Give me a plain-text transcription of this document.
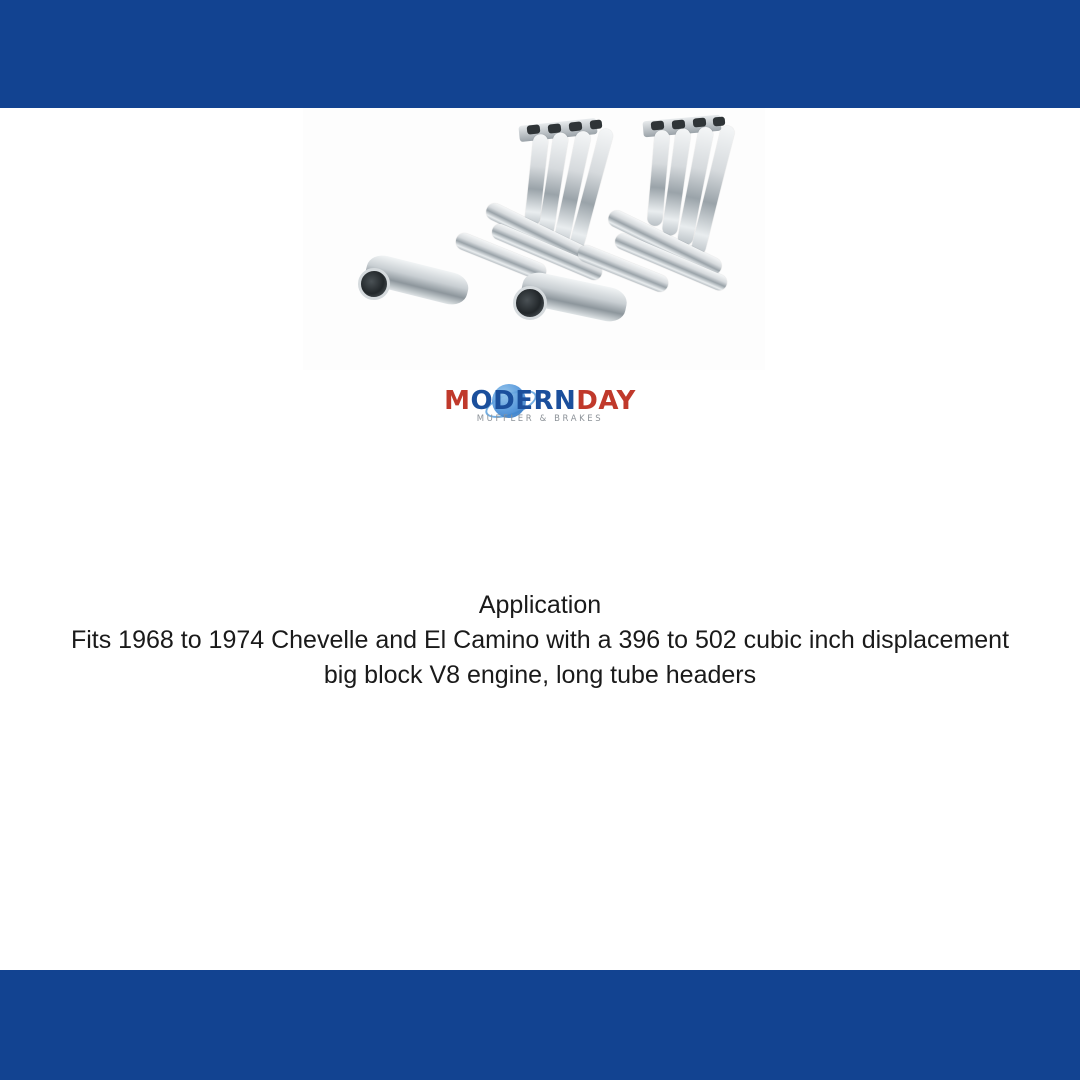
MODERNDAY
MUFFLER & BRAKES
Application
Fits 1968 to 1974 Chevelle and El Camino with a 396 to 502 cubic inch displacement big block V8 engine, long tube headers
